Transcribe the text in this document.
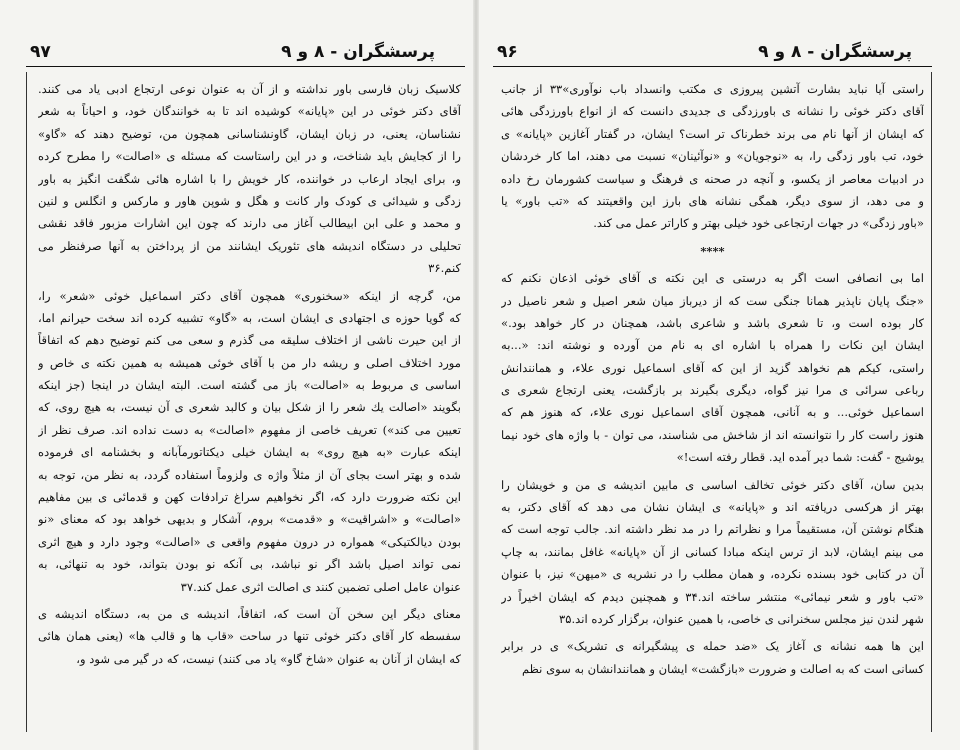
۹۷	پرسشگران - ۸ و ۹
کلاسیک زبان فارسی باور نداشته و از آن به عنوان نوعی ارتجاع ادبی یاد می کنند.
آقای دکتر خوئی در این «پایانه» کوشیده اند تا به خوانندگان خود، و احیاناً به شعر
نشناسان، یعنی، در زبان ایشان، گاونشناسانی همچون من، توضیح دهند که «گاو»
را از کجایش باید شناخت، و در این راستاست که مسئله ی «اصالت» را مطرح کرده
و، برای ایجاد ارعاب در خواننده، کار خویش را با اشاره هائی شگفت انگیز به باور
زدگی و شیدائی ی کودک وار کانت و هگل و شوپن هاور و مارکس و انگلس و لنین
و محمد و علی ابن ابیطالب آغاز می دارند که چون این اشارات مزبور فاقد نقشی
تحلیلی در دستگاه اندیشه های تئوریک ایشانند من از پرداختن به آنها صرفنظر می
کنم.۳۶
من، گرچه از اینکه «سخنوری» همچون آقای دکتر اسماعیل خوئی «شعر» را،
که گویا حوزه ی اجتهادی ی ایشان است، به «گاو» تشبیه کرده اند سخت حیرانم اما،
از این حیرت ناشی از اختلاف سلیقه می گذرم و سعی می کنم توضیح دهم که اتفاقاً
مورد اختلاف اصلی و ریشه دار من با آقای خوئی همیشه به همین نکته ی خاص و
اساسی ی مربوط به «اصالت» باز می گشته است. البته ایشان در اینجا (جز اینکه
بگویند «اصالت یك شعر را از شکل بیان و کالبد شعری ی آن نیست، به هیچ روی، که
تعیین می کند») تعریف خاصی از مفهوم «اصالت» به دست نداده اند. صرف نظر از
اینکه عبارت «به هیچ روی» به ایشان خیلی دیکتاتورمآبانه و بخشنامه ای فرموده
شده و بهتر است بجای آن از مثلاً واژه ی ولزوماً استفاده گردد، به نظر من، توجه به
این نکته ضرورت دارد که، اگر نخواهیم سراغ ترادفات کهن و قدمائی ی بین مفاهیم
«اصالت» و «اشراقیت» و «قدمت» بروم، آشکار و بدیهی خواهد بود که معنای «نو
بودن دیالکتیکی» همواره در درون مفهوم واقعی ی «اصالت» وجود دارد و هیچ اثری
نمی تواند اصیل باشد اگر نو نباشد، بی آنکه نو بودن بتواند، خود به تنهائی، به
عنوان عامل اصلی تضمین کنند ی اصالت اثری عمل کند.۳۷
معنای دیگر این سخن آن است که، اتفاقاً، اندیشه ی من به، دستگاه اندیشه ی
سفسطه کار آقای دکتر خوئی تنها در ساحت «قاب ها و قالب ها» (یعنی همان هائی
که ایشان از آنان به عنوان «شاخ گاو» یاد می کنند) نیست، که در گیر می شود و،
۹۶	پرسشگران - ۸ و ۹
راستی آیا نباید بشارت آتشین پیروزی ی مکتب وانسداد باب نوآوری»۳۳ از جانب
آقای دکتر خوئی را نشانه ی باورزدگی ی جدیدی دانست که از انواع باورزدگی هائی
که ایشان از آنها نام می برند خطرناک تر است؟ ایشان، در گفتار آغازین «پایانه» ی
خود، تب باور زدگی را، به «نوجویان» و «نوآئینان» نسبت می دهند، اما کار خردشان
در ادبیات معاصر از یکسو، و آنچه در صحنه ی فرهنگ و سیاست کشورمان رخ داده
و می دهد، از سوی دیگر، همگی نشانه های بارز این واقعیتند که «تب باور» یا
«باور زدگی» در جهات ارتجاعی خود خیلی بهتر و کاراتر عمل می کند.
****
اما بی انصافی است اگر به درستی ی این نکته ی آقای خوئی اذعان نکنم که
«جنگ پایان ناپذیر همانا جنگی ست که از دیرباز میان شعر اصیل و شعر ناصیل در
کار بوده است و، تا شعری باشد و شاعری باشد، همچنان در کار خواهد بود.»
ایشان این نکات را همراه با اشاره ای به نام من آورده و نوشته اند: «...به
راستی، کیکم هم نخواهد گزید از این که آقای اسماعیل نوری علاء، و همانندانش
رباعی سرائی ی مرا نیز گواه، دیگری بگیرند بر بازگشت، یعنی ارتجاع شعری ی
اسماعیل خوئی... و به آنانی، همچون آقای اسماعیل نوری علاء، که هنوز هم که
هنوز راست کار را نتوانسته اند از شاخش می شناسند، می توان - با واژه های خود نیما
یوشیج - گفت: شما دیر آمده اید. قطار رفته است!»
بدین سان، آقای دکتر خوئی تخالف اساسی ی مابین اندیشه ی من و خویشان را
بهتر از هرکسی دریافته اند و «پایانه» ی ایشان نشان می دهد که آقای دکتر، به
هنگام نوشتن آن، مستقیماً مرا و نظراتم را در مد نظر داشته اند. جالب توجه است که
می بینم ایشان، لابد از ترس اینکه مبادا کسانی از آن «پایانه» غافل بمانند، به چاپ
آن در کتابی خود بسنده نکرده، و همان مطلب را در نشریه ی «میهن» نیز، با عنوان
«تب باور و شعر نیمائی» منتشر ساخته اند.۳۴ و همچنین دیدم که ایشان اخیراً در
شهر لندن نیز مجلس سخنرانی ی خاصی، با همین عنوان، برگزار کرده اند.۳۵
این ها همه نشانه ی آغاز یک «ضد حمله ی پیشگیرانه ی تشریک» ی در برابر
کسانی است که به اصالت و ضرورت «بازگشت» ایشان و همانندانشان به سوی نظم
